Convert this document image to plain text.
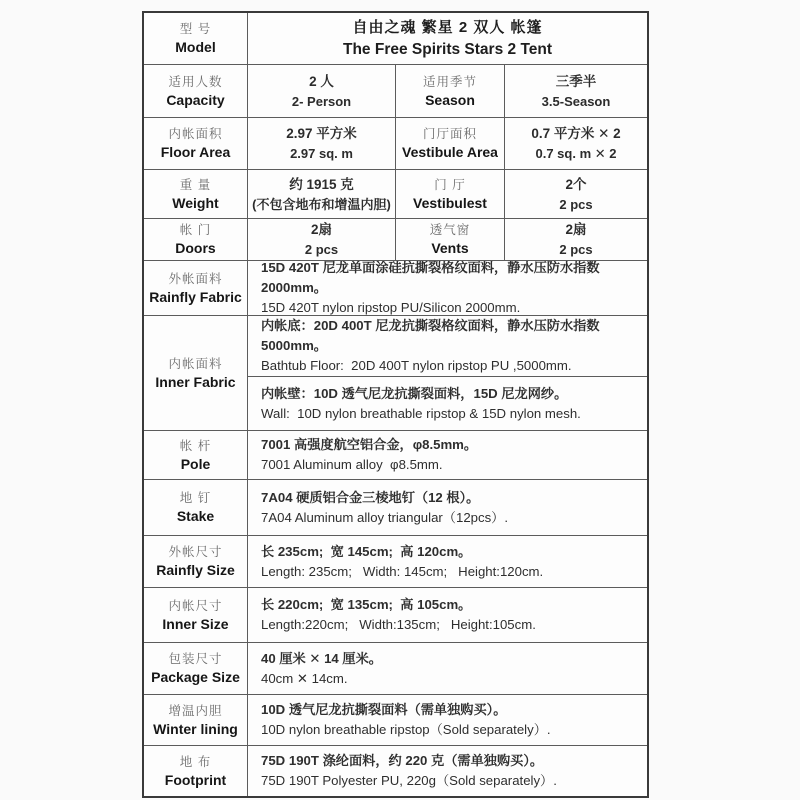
型 号
Model
自由之魂 繁星 2 双人 帐篷
The Free Spirits Stars 2 Tent
适用人数
Capacity
2 人
2- Person
适用季节
Season
三季半
3.5-Season
内帐面积
Floor Area
2.97 平方米
2.97 sq. m
门厅面积
Vestibule Area
0.7 平方米 ✕ 2
0.7 sq. m ✕ 2
重 量
Weight
约 1915 克
(不包含地布和增温内胆)
门 厅
Vestibulest
2个
2 pcs
帐 门
Doors
2扇
2 pcs
透气窗
Vents
2扇
2 pcs
外帐面料
Rainfly Fabric
15D 420T 尼龙单面涂硅抗撕裂格纹面料，静水压防水指数 2000mm。
15D 420T nylon ripstop PU/Silicon 2000mm.
内帐面料
Inner Fabric
内帐底：20D 400T 尼龙抗撕裂格纹面料，静水压防水指数 5000mm。
Bathtub Floor:  20D 400T nylon ripstop PU ,5000mm.
内帐壁：10D 透气尼龙抗撕裂面料，15D 尼龙网纱。
Wall:  10D nylon breathable ripstop & 15D nylon mesh.
帐 杆
Pole
7001 高强度航空铝合金，φ8.5mm。
7001 Aluminum alloy  φ8.5mm.
地 钉
Stake
7A04 硬质铝合金三棱地钉（12 根）。
7A04 Aluminum alloy triangular（12pcs）.
外帐尺寸
Rainfly Size
长 235cm;  宽 145cm;  高 120cm。
Length: 235cm;   Width: 145cm;   Height:120cm.
内帐尺寸
Inner Size
长 220cm;  宽 135cm;  高 105cm。
Length:220cm;   Width:135cm;   Height:105cm.
包装尺寸
Package Size
40 厘米 ✕ 14 厘米。
40cm ✕ 14cm.
增温内胆
Winter lining
10D 透气尼龙抗撕裂面料（需单独购买）。
10D nylon breathable ripstop（Sold separately）.
地 布
Footprint
75D 190T 涤纶面料，约 220 克（需单独购买）。
75D 190T Polyester PU, 220g（Sold separately）.
